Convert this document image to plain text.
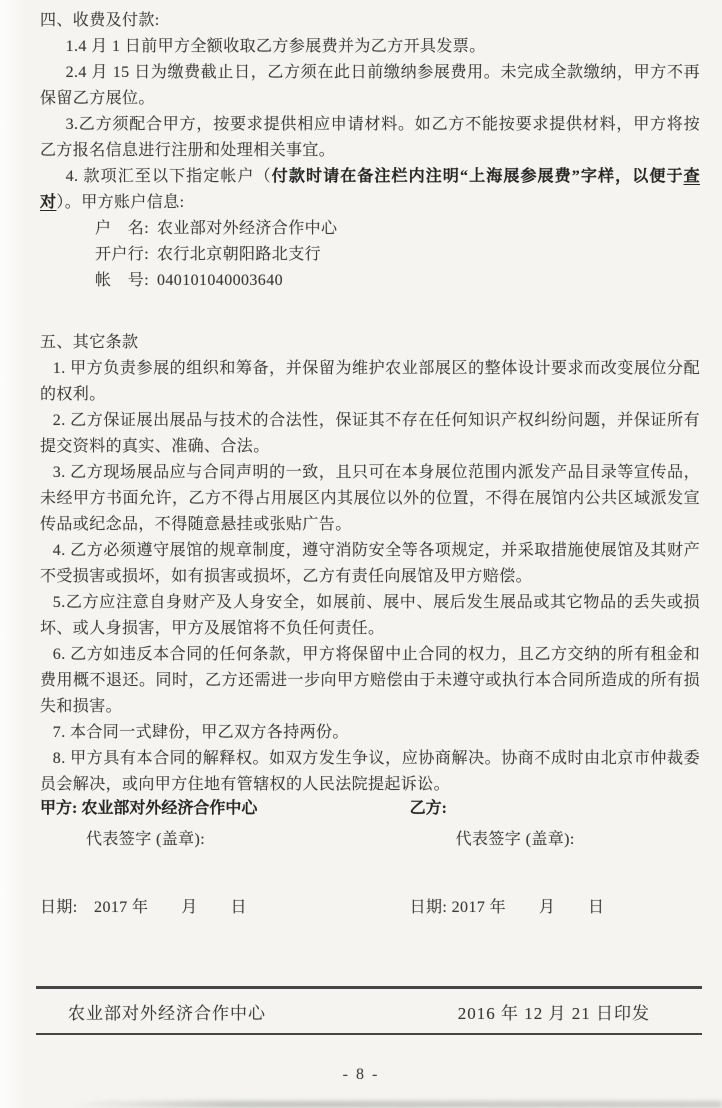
四、收费及付款:

1.4 月 1 日前甲方全额收取乙方参展费并为乙方开具发票。

2.4 月 15 日为缴费截止日，乙方须在此日前缴纳参展费用。未完成全款缴纳，甲方不再保留乙方展位。

3.乙方须配合甲方，按要求提供相应申请材料。如乙方不能按要求提供材料，甲方将按乙方报名信息进行注册和处理相关事宜。

4. 款项汇至以下指定帐户（付款时请在备注栏内注明“上海展参展费”字样，以便于查对）。甲方账户信息:

户　名: 农业部对外经济合作中心

开户行: 农行北京朝阳路北支行

帐　号: 040101040003640

五、其它条款

1. 甲方负责参展的组织和筹备，并保留为维护农业部展区的整体设计要求而改变展位分配的权利。

2. 乙方保证展出展品与技术的合法性，保证其不存在任何知识产权纠纷问题，并保证所有提交资料的真实、准确、合法。

3. 乙方现场展品应与合同声明的一致，且只可在本身展位范围内派发产品目录等宣传品，未经甲方书面允许，乙方不得占用展区内其展位以外的位置，不得在展馆内公共区域派发宣传品或纪念品，不得随意悬挂或张贴广告。

4. 乙方必须遵守展馆的规章制度，遵守消防安全等各项规定，并采取措施使展馆及其财产不受损害或损坏，如有损害或损坏，乙方有责任向展馆及甲方赔偿。

5.乙方应注意自身财产及人身安全，如展前、展中、展后发生展品或其它物品的丢失或损坏、或人身损害，甲方及展馆将不负任何责任。

6. 乙方如违反本合同的任何条款，甲方将保留中止合同的权力，且乙方交纳的所有租金和费用概不退还。同时，乙方还需进一步向甲方赔偿由于未遵守或执行本合同所造成的所有损失和损害。

7. 本合同一式肆份，甲乙双方各持两份。

8. 甲方具有本合同的解释权。如双方发生争议，应协商解决。协商不成时由北京市仲裁委员会解决，或向甲方住地有管辖权的人民法院提起诉讼。

甲方: 农业部对外经济合作中心

代表签字 (盖章):

日期:　2017 年　　月　　日

乙方:

代表签字 (盖章):

日期: 2017 年　　月　　日

农业部对外经济合作中心	2016 年 12 月 21 日印发
- 8 -
